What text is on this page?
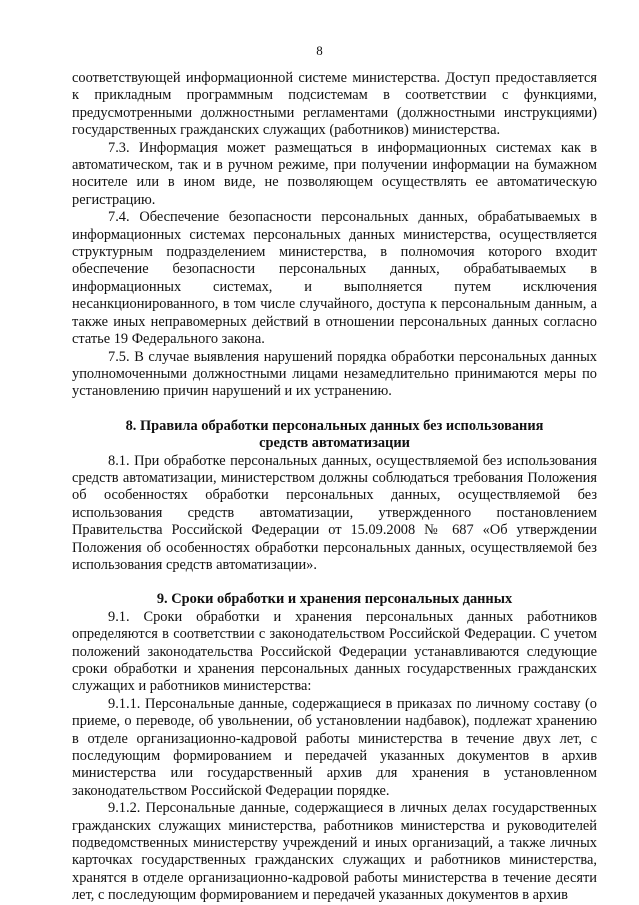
8

соответствующей информационной системе министерства. Доступ предоставляется к прикладным программным подсистемам в соответствии с функциями, предусмотренными должностными регламентами (должностными инструкциями) государственных гражданских служащих (работников) министерства.

7.3. Информация может размещаться в информационных системах как в автоматическом, так и в ручном режиме, при получении информации на бумажном носителе или в ином виде, не позволяющем осуществлять ее автоматическую регистрацию.

7.4. Обеспечение безопасности персональных данных, обрабатываемых в информационных системах персональных данных министерства, осуществляется структурным подразделением министерства, в полномочия которого входит обеспечение безопасности персональных данных, обрабатываемых в информационных системах, и выполняется путем исключения несанкционированного, в том числе случайного, доступа к персональным данным, а также иных неправомерных действий в отношении персональных данных согласно статье 19 Федерального закона.

7.5. В случае выявления нарушений порядка обработки персональных данных уполномоченными должностными лицами незамедлительно принимаются меры по установлению причин нарушений и их устранению.

8. Правила обработки персональных данных без использования средств автоматизации

8.1. При обработке персональных данных, осуществляемой без использования средств автоматизации, министерством должны соблюдаться требования Положения об особенностях обработки персональных данных, осуществляемой без использования средств автоматизации, утвержденного постановлением Правительства Российской Федерации от 15.09.2008 № 687 «Об утверждении Положения об особенностях обработки персональных данных, осуществляемой без использования средств автоматизации».

9. Сроки обработки и хранения персональных данных

9.1. Сроки обработки и хранения персональных данных работников определяются в соответствии с законодательством Российской Федерации. С учетом положений законодательства Российской Федерации устанавливаются следующие сроки обработки и хранения персональных данных государственных гражданских служащих и работников министерства:

9.1.1. Персональные данные, содержащиеся в приказах по личному составу (о приеме, о переводе, об увольнении, об установлении надбавок), подлежат хранению в отделе организационно-кадровой работы министерства в течение двух лет, с последующим формированием и передачей указанных документов в архив министерства или государственный архив для хранения в установленном законодательством Российской Федерации порядке.

9.1.2. Персональные данные, содержащиеся в личных делах государственных гражданских служащих министерства, работников министерства и руководителей подведомственных министерству учреждений и иных организаций, а также личных карточках государственных гражданских служащих и работников министерства, хранятся в отделе организационно-кадровой работы министерства в течение десяти лет, с последующим формированием и передачей указанных документов в архив
